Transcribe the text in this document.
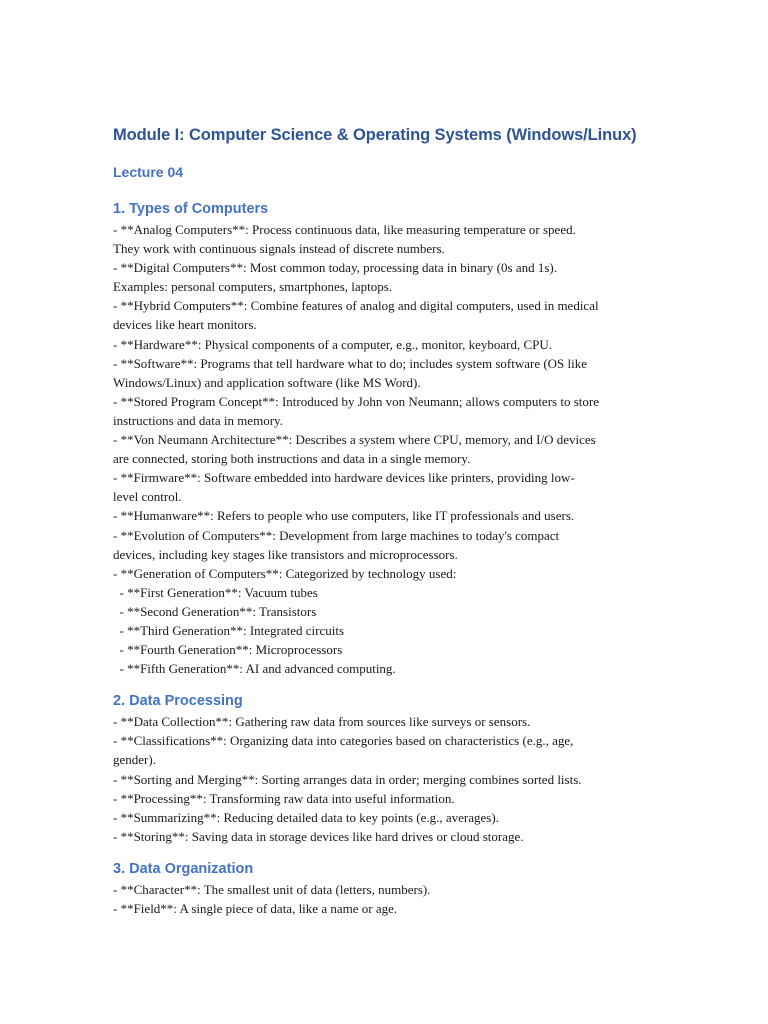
Module I: Computer Science & Operating Systems (Windows/Linux)
Lecture 04
1. Types of Computers

- **Analog Computers**: Process continuous data, like measuring temperature or speed.

They work with continuous signals instead of discrete numbers.

- **Digital Computers**: Most common today, processing data in binary (0s and 1s).

Examples: personal computers, smartphones, laptops.

- **Hybrid Computers**: Combine features of analog and digital computers, used in medical

devices like heart monitors.

- **Hardware**: Physical components of a computer, e.g., monitor, keyboard, CPU.

- **Software**: Programs that tell hardware what to do; includes system software (OS like

Windows/Linux) and application software (like MS Word).

- **Stored Program Concept**: Introduced by John von Neumann; allows computers to store

instructions and data in memory.

- **Von Neumann Architecture**: Describes a system where CPU, memory, and I/O devices

are connected, storing both instructions and data in a single memory.

- **Firmware**: Software embedded into hardware devices like printers, providing low-

level control.

- **Humanware**: Refers to people who use computers, like IT professionals and users.

- **Evolution of Computers**: Development from large machines to today's compact

devices, including key stages like transistors and microprocessors.

- **Generation of Computers**: Categorized by technology used:

- **First Generation**: Vacuum tubes

- **Second Generation**: Transistors

- **Third Generation**: Integrated circuits

- **Fourth Generation**: Microprocessors

- **Fifth Generation**: AI and advanced computing.

2. Data Processing

- **Data Collection**: Gathering raw data from sources like surveys or sensors.

- **Classifications**: Organizing data into categories based on characteristics (e.g., age,

gender).

- **Sorting and Merging**: Sorting arranges data in order; merging combines sorted lists.

- **Processing**: Transforming raw data into useful information.

- **Summarizing**: Reducing detailed data to key points (e.g., averages).

- **Storing**: Saving data in storage devices like hard drives or cloud storage.

3. Data Organization

- **Character**: The smallest unit of data (letters, numbers).

- **Field**: A single piece of data, like a name or age.
